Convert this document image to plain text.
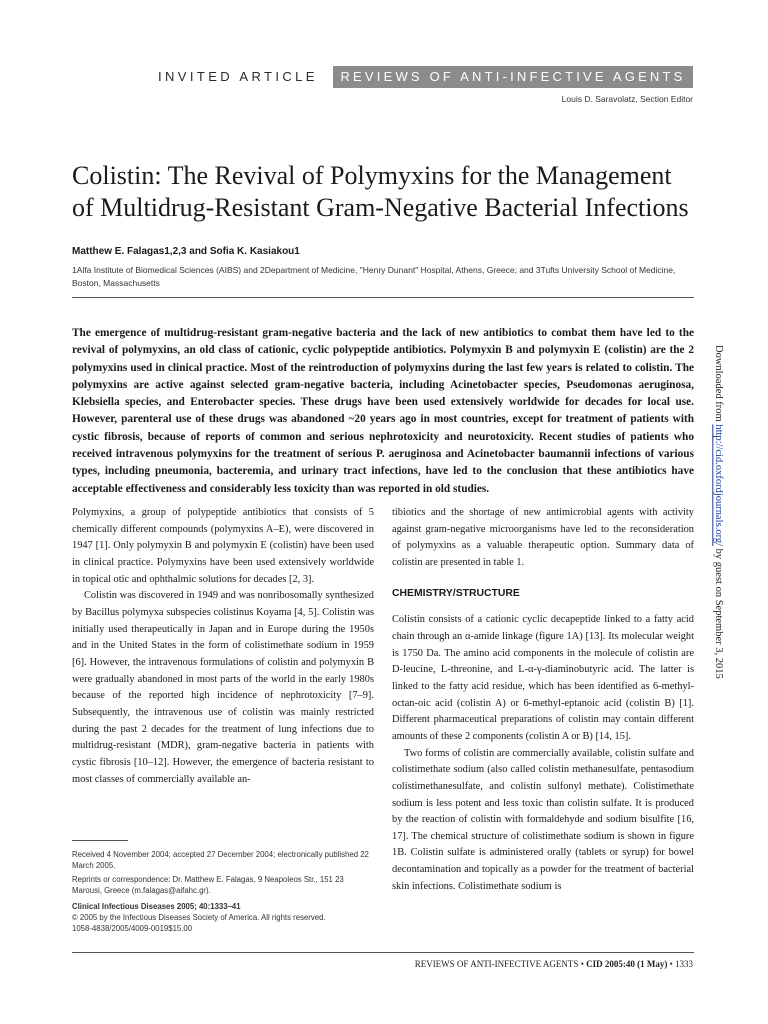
INVITED ARTICLE	REVIEWS OF ANTI-INFECTIVE AGENTS
Louis D. Saravolatz, Section Editor
Colistin: The Revival of Polymyxins for the Management of Multidrug-Resistant Gram-Negative Bacterial Infections
Matthew E. Falagas1,2,3 and Sofia K. Kasiakou1
1Alfa Institute of Biomedical Sciences (AIBS) and 2Department of Medicine, "Henry Dunant" Hospital, Athens, Greece; and 3Tufts University School of Medicine, Boston, Massachusetts
The emergence of multidrug-resistant gram-negative bacteria and the lack of new antibiotics to combat them have led to the revival of polymyxins, an old class of cationic, cyclic polypeptide antibiotics. Polymyxin B and polymyxin E (colistin) are the 2 polymyxins used in clinical practice. Most of the reintroduction of polymyxins during the last few years is related to colistin. The polymyxins are active against selected gram-negative bacteria, including Acinetobacter species, Pseudomonas aeruginosa, Klebsiella species, and Enterobacter species. These drugs have been used extensively worldwide for decades for local use. However, parenteral use of these drugs was abandoned ~20 years ago in most countries, except for treatment of patients with cystic fibrosis, because of reports of common and serious nephrotoxicity and neurotoxicity. Recent studies of patients who received intravenous polymyxins for the treatment of serious P. aeruginosa and Acinetobacter baumannii infections of various types, including pneumonia, bacteremia, and urinary tract infections, have led to the conclusion that these antibiotics have acceptable effectiveness and considerably less toxicity than was reported in old studies.

Polymyxins, a group of polypeptide antibiotics that consists of 5 chemically different compounds (polymyxins A–E), were discovered in 1947 [1]. Only polymyxin B and polymyxin E (colistin) have been used in clinical practice. Polymyxins have been used extensively worldwide in topical otic and ophthalmic solutions for decades [2, 3].

Colistin was discovered in 1949 and was nonribosomally synthesized by Bacillus polymyxa subspecies colistinus Koyama [4, 5]. Colistin was initially used therapeutically in Japan and in Europe during the 1950s and in the United States in the form of colistimethate sodium in 1959 [6]. However, the intravenous formulations of colistin and polymyxin B were gradually abandoned in most parts of the world in the early 1980s because of the reported high incidence of nephrotoxicity [7–9]. Subsequently, the intravenous use of colistin was mainly restricted during the past 2 decades for the treatment of lung infections due to multidrug-resistant (MDR), gram-negative bacteria in patients with cystic fibrosis [10–12]. However, the emergence of bacteria resistant to most classes of commercially available an-

tibiotics and the shortage of new antimicrobial agents with activity against gram-negative microorganisms have led to the reconsideration of polymyxins as a valuable therapeutic option. Summary data of colistin are presented in table 1.

CHEMISTRY/STRUCTURE

Colistin consists of a cationic cyclic decapeptide linked to a fatty acid chain through an α-amide linkage (figure 1A) [13]. Its molecular weight is 1750 Da. The amino acid components in the molecule of colistin are D-leucine, L-threonine, and L-α-γ-diaminobutyric acid. The latter is linked to the fatty acid residue, which has been identified as 6-methyl-octan-oic acid (colistin A) or 6-methyl-eptanoic acid (colistin B) [1]. Different pharmaceutical preparations of colistin may contain different amounts of these 2 components (colistin A or B) [14, 15].

Two forms of colistin are commercially available, colistin sulfate and colistimethate sodium (also called colistin methanesulfate, pentasodium colistimethanesulfate, and colistin sulfonyl methate). Colistimethate sodium is less potent and less toxic than colistin sulfate. It is produced by the reaction of colistin with formaldehyde and sodium bisulfite [16, 17]. The chemical structure of colistimethate sodium is shown in figure 1B. Colistin sulfate is administered orally (tablets or syrup) for bowel decontamination and topically as a powder for the treatment of bacterial skin infections. Colistimethate sodium is

Received 4 November 2004; accepted 27 December 2004; electronically published 22 March 2005.

Reprints or correspondence: Dr. Matthew E. Falagas, 9 Neapoleos Str., 151 23 Marousi, Greece (m.falagas@aifahc.gr).

Clinical Infectious Diseases 2005; 40:1333–41

© 2005 by the Infectious Diseases Society of America. All rights reserved.

1058-4838/2005/4009-0019$15.00

Downloaded from http://cid.oxfordjournals.org/ by guest on September 3, 2015
REVIEWS OF ANTI-INFECTIVE AGENTS • CID 2005:40 (1 May) • 1333
